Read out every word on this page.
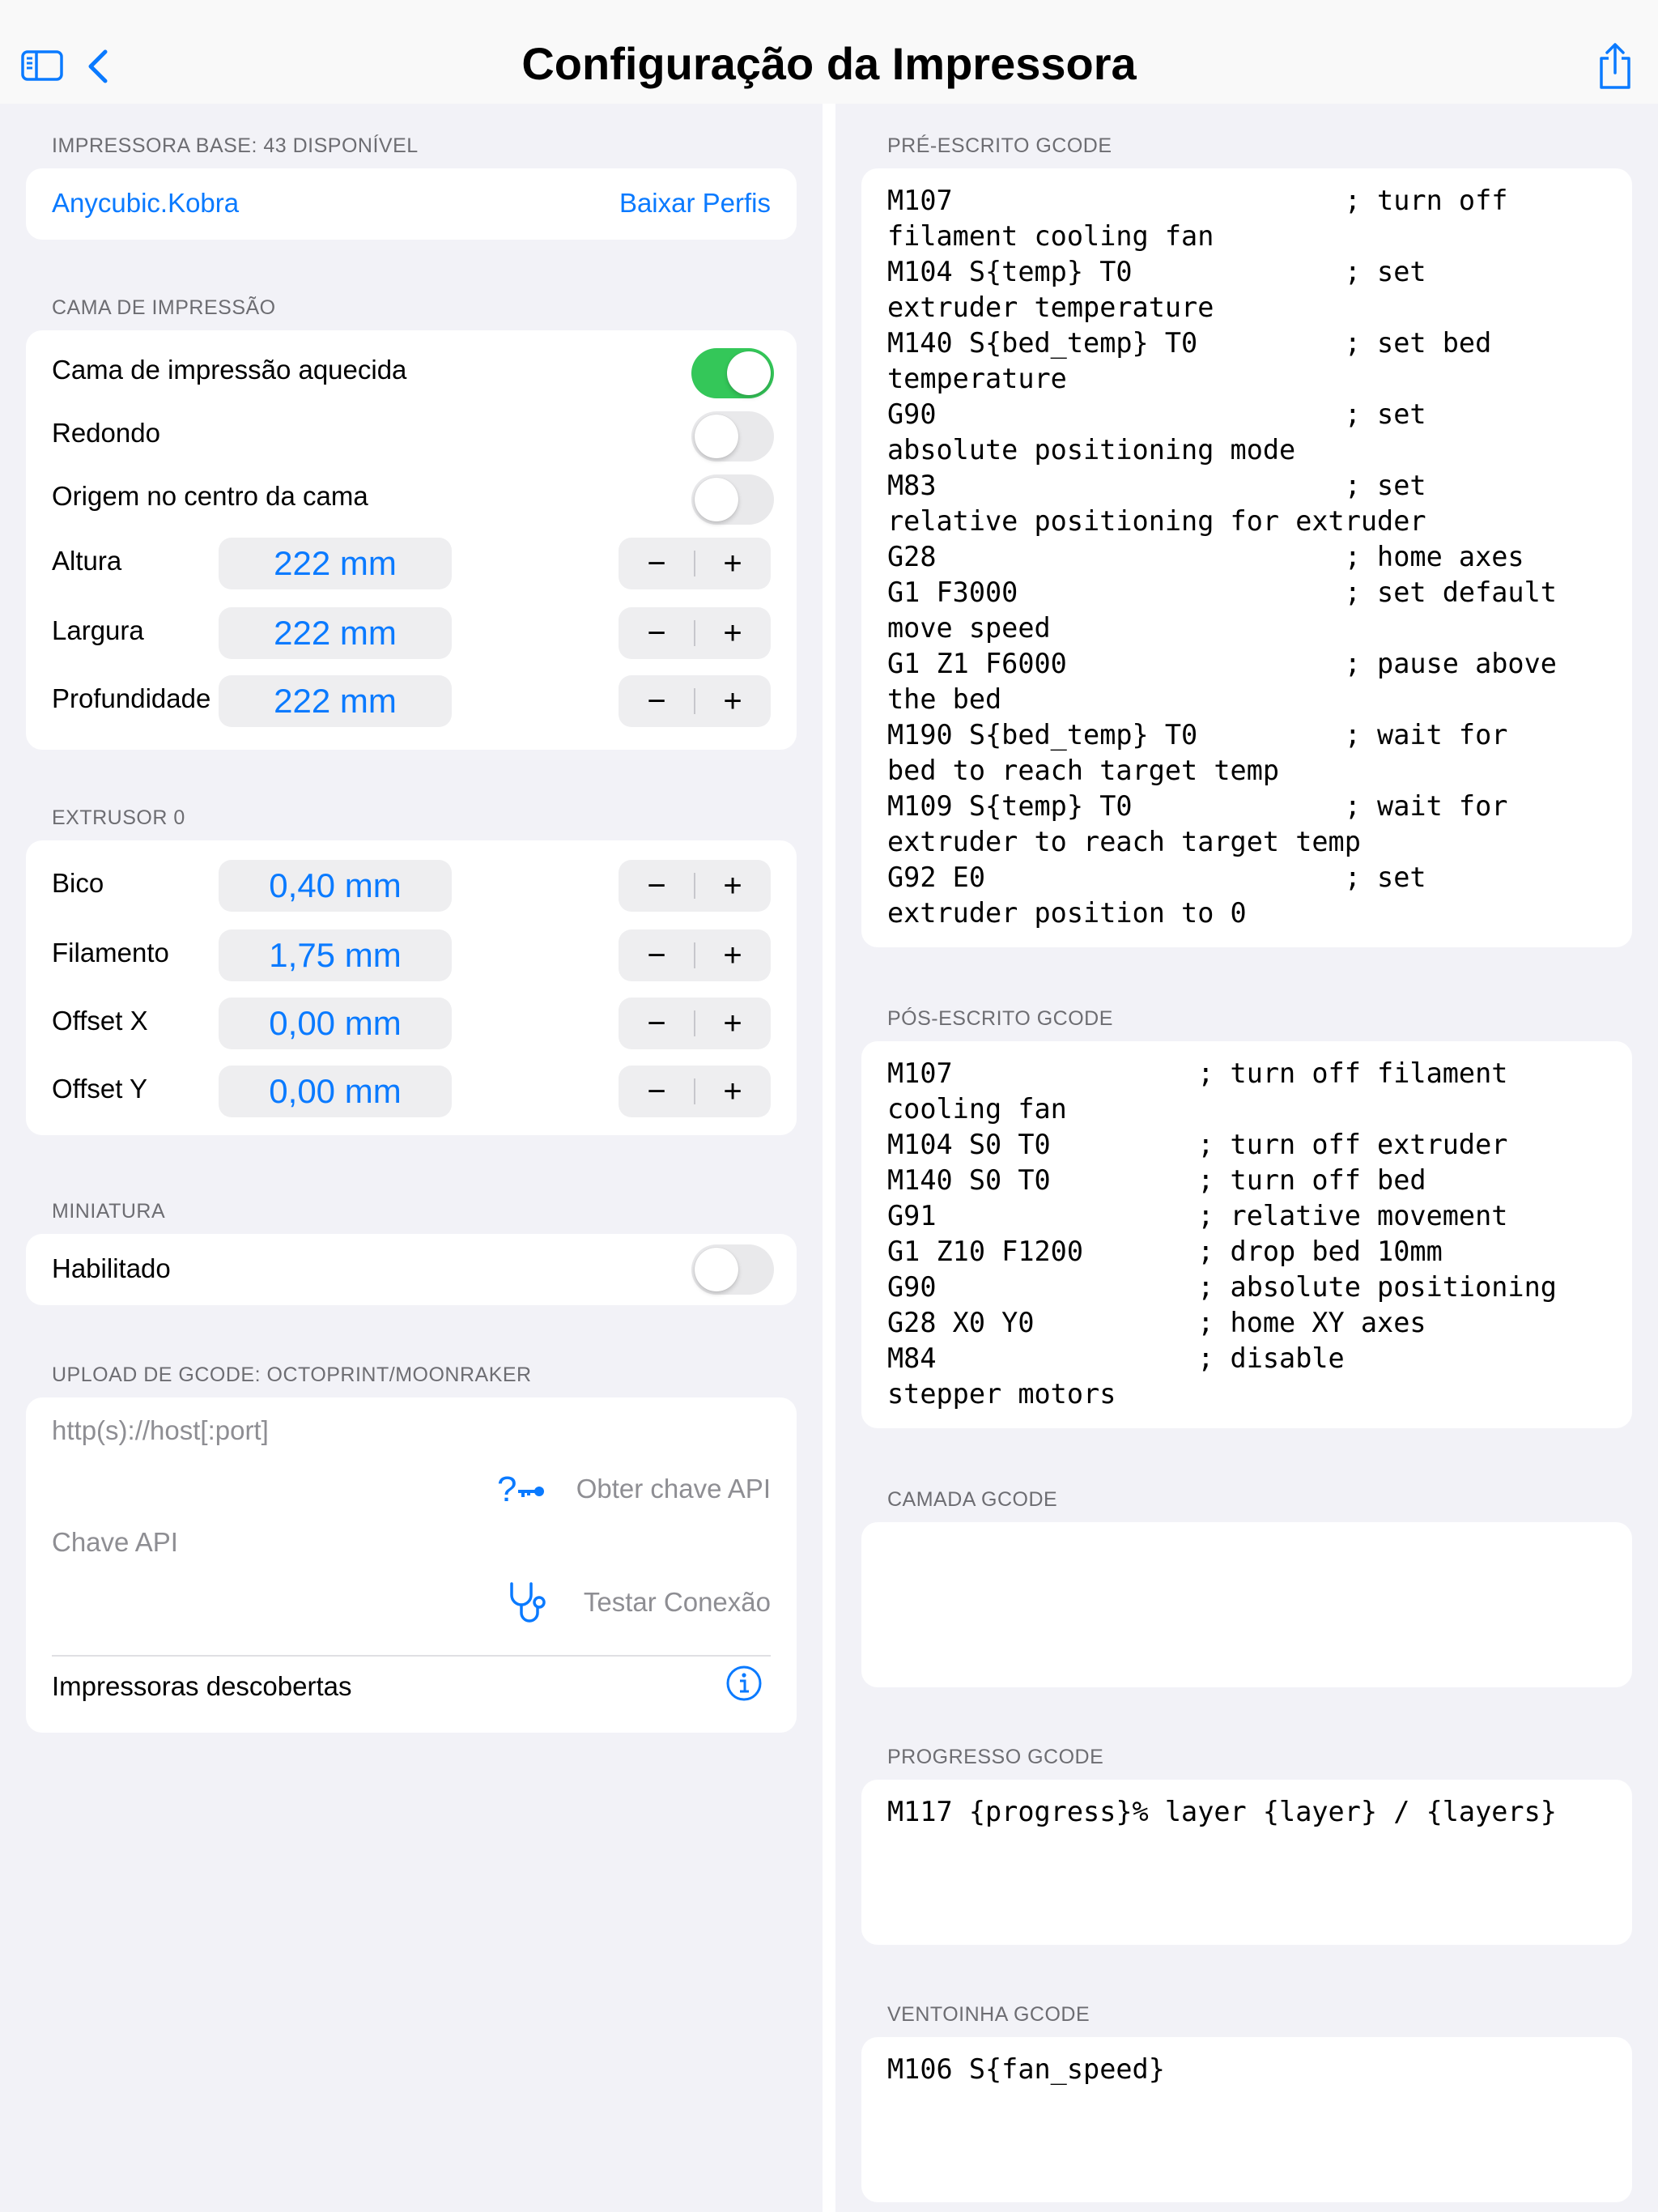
Configuração da Impressora
IMPRESSORA BASE: 43 DISPONÍVEL
Anycubic.Kobra	Baixar Perfis
CAMA DE IMPRESSÃO
Cama de impressão aquecida
Redondo
Origem no centro da cama
Altura	222 mm	−	+
Largura	222 mm	−	+
Profundidade	222 mm	−	+
EXTRUSOR 0
Bico	0,40 mm	−	+
Filamento	1,75 mm	−	+
Offset X	0,00 mm	−	+
Offset Y	0,00 mm	−	+
MINIATURA
Habilitado
UPLOAD DE GCODE: OCTOPRINT/MOONRAKER
http(s)://host[:port]
? Obter chave API
Chave API
Testar Conexão
Impressoras descobertas
PRÉ-ESCRITO GCODE
M107                        ; turn off
filament cooling fan
M104 S{temp} T0             ; set
extruder temperature
M140 S{bed_temp} T0         ; set bed
temperature
G90                         ; set
absolute positioning mode
M83                         ; set
relative positioning for extruder
G28                         ; home axes
G1 F3000                    ; set default
move speed
G1 Z1 F6000                 ; pause above
the bed
M190 S{bed_temp} T0         ; wait for
bed to reach target temp
M109 S{temp} T0             ; wait for
extruder to reach target temp
G92 E0                      ; set
extruder position to 0
PÓS-ESCRITO GCODE
M107               ; turn off filament
cooling fan
M104 S0 T0         ; turn off extruder
M140 S0 T0         ; turn off bed
G91                ; relative movement
G1 Z10 F1200       ; drop bed 10mm
G90                ; absolute positioning
G28 X0 Y0          ; home XY axes
M84                ; disable
stepper motors
CAMADA GCODE
PROGRESSO GCODE
M117 {progress}% layer {layer} / {layers}
VENTOINHA GCODE
M106 S{fan_speed}
